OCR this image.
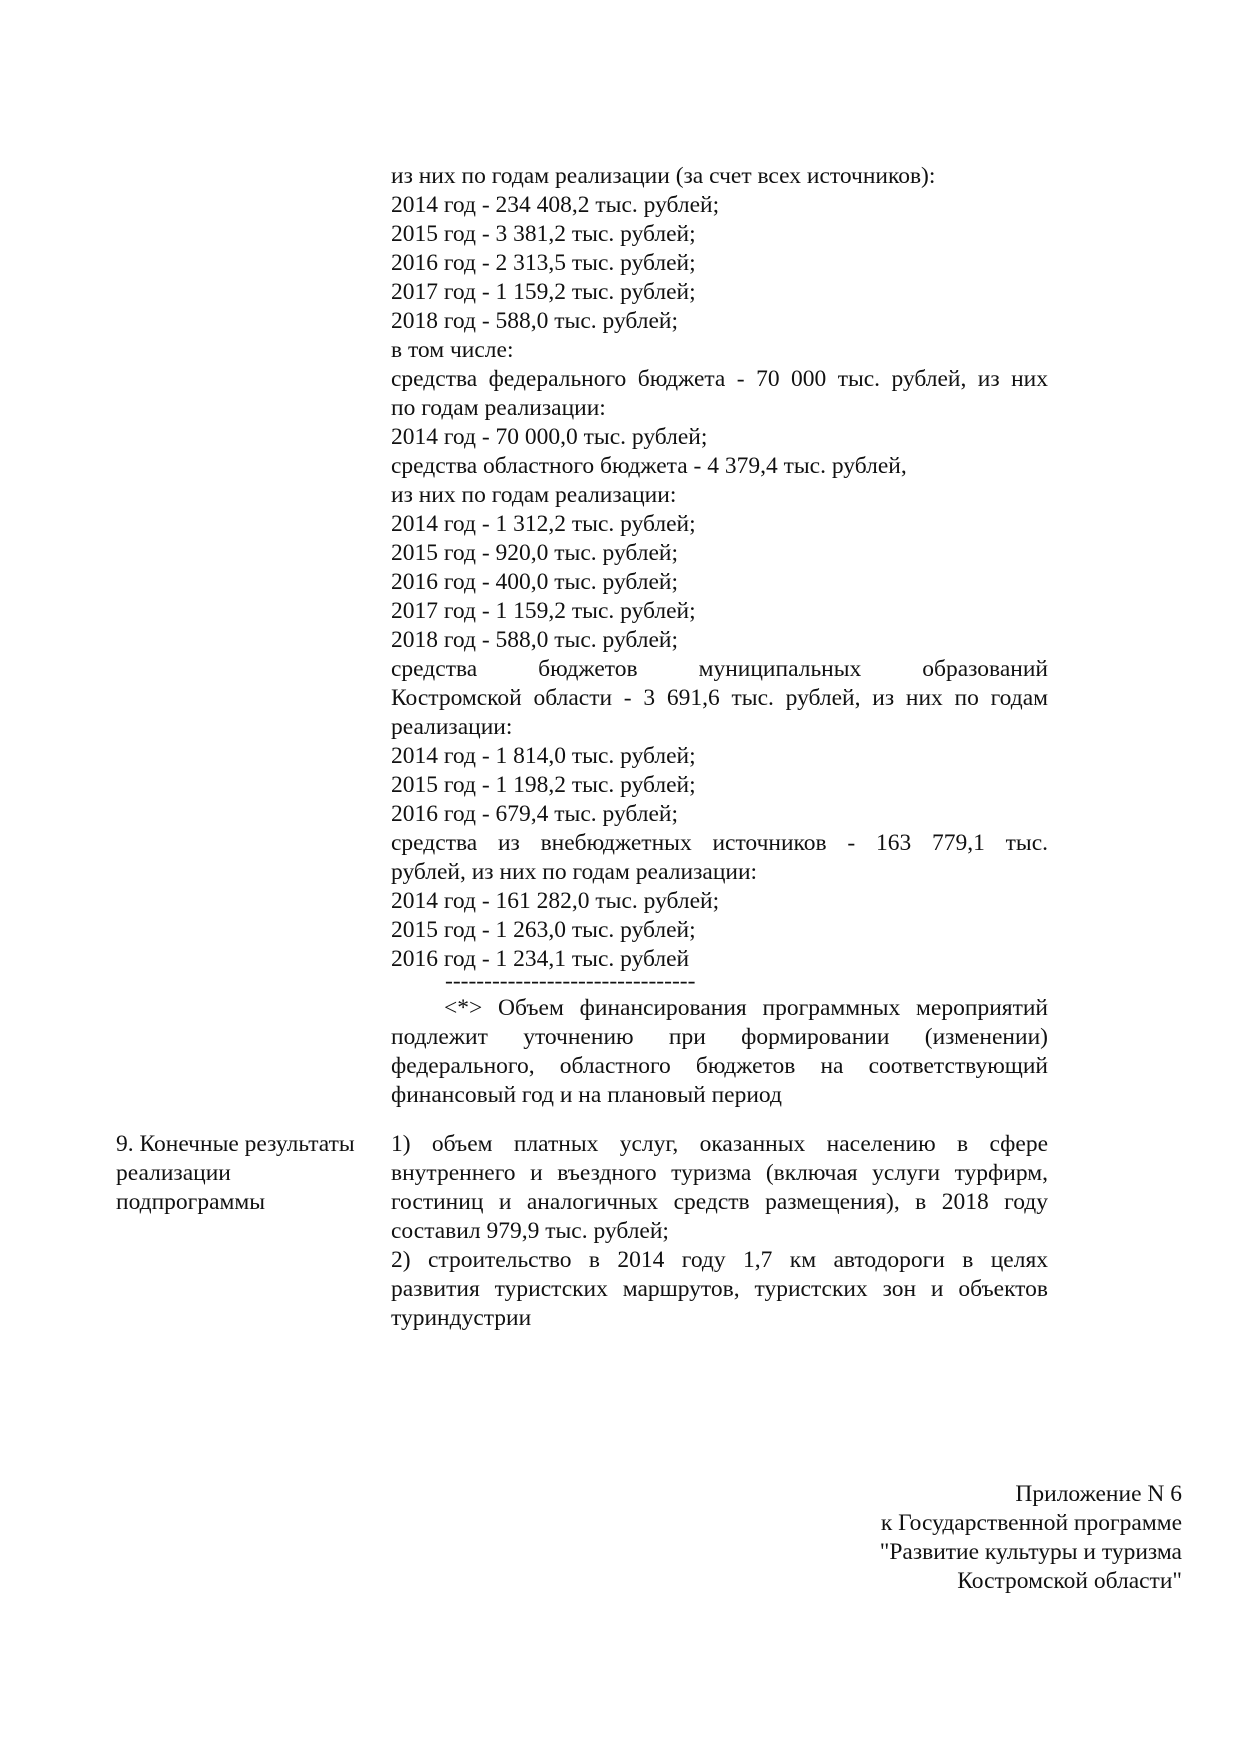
из них по годам реализации (за счет всех источников):
2014 год - 234 408,2 тыс. рублей;
2015 год - 3 381,2 тыс. рублей;
2016 год - 2 313,5 тыс. рублей;
2017 год - 1 159,2 тыс. рублей;
2018 год - 588,0 тыс. рублей;
в том числе:
средства федерального бюджета - 70 000 тыс. рублей, из них
по годам реализации:
2014 год - 70 000,0 тыс. рублей;
средства областного бюджета - 4 379,4 тыс. рублей,
из них по годам реализации:
2014 год - 1 312,2 тыс. рублей;
2015 год - 920,0 тыс. рублей;
2016 год - 400,0 тыс. рублей;
2017 год - 1 159,2 тыс. рублей;
2018 год - 588,0 тыс. рублей;
средства бюджетов муниципальных образований
Костромской области - 3 691,6 тыс. рублей, из них по годам
реализации:
2014 год - 1 814,0 тыс. рублей;
2015 год - 1 198,2 тыс. рублей;
2016 год - 679,4 тыс. рублей;
средства из внебюджетных источников - 163 779,1 тыс.
рублей, из них по годам реализации:
2014 год - 161 282,0 тыс. рублей;
2015 год - 1 263,0 тыс. рублей;
2016 год - 1 234,1 тыс. рублей
--------------------------------
<*> Объем финансирования программных мероприятий
подлежит уточнению при формировании (изменении)
федерального, областного бюджетов на соответствующий
финансовый год и на плановый период
9. Конечные результаты
реализации
подпрограммы
1) объем платных услуг, оказанных населению в сфере
внутреннего и въездного туризма (включая услуги турфирм,
гостиниц и аналогичных средств размещения), в 2018 году
составил 979,9 тыс. рублей;
2) строительство в 2014 году 1,7 км автодороги в целях
развития туристских маршрутов, туристских зон и объектов
туриндустрии
Приложение N 6
к Государственной программе
"Развитие культуры и туризма
Костромской области"
